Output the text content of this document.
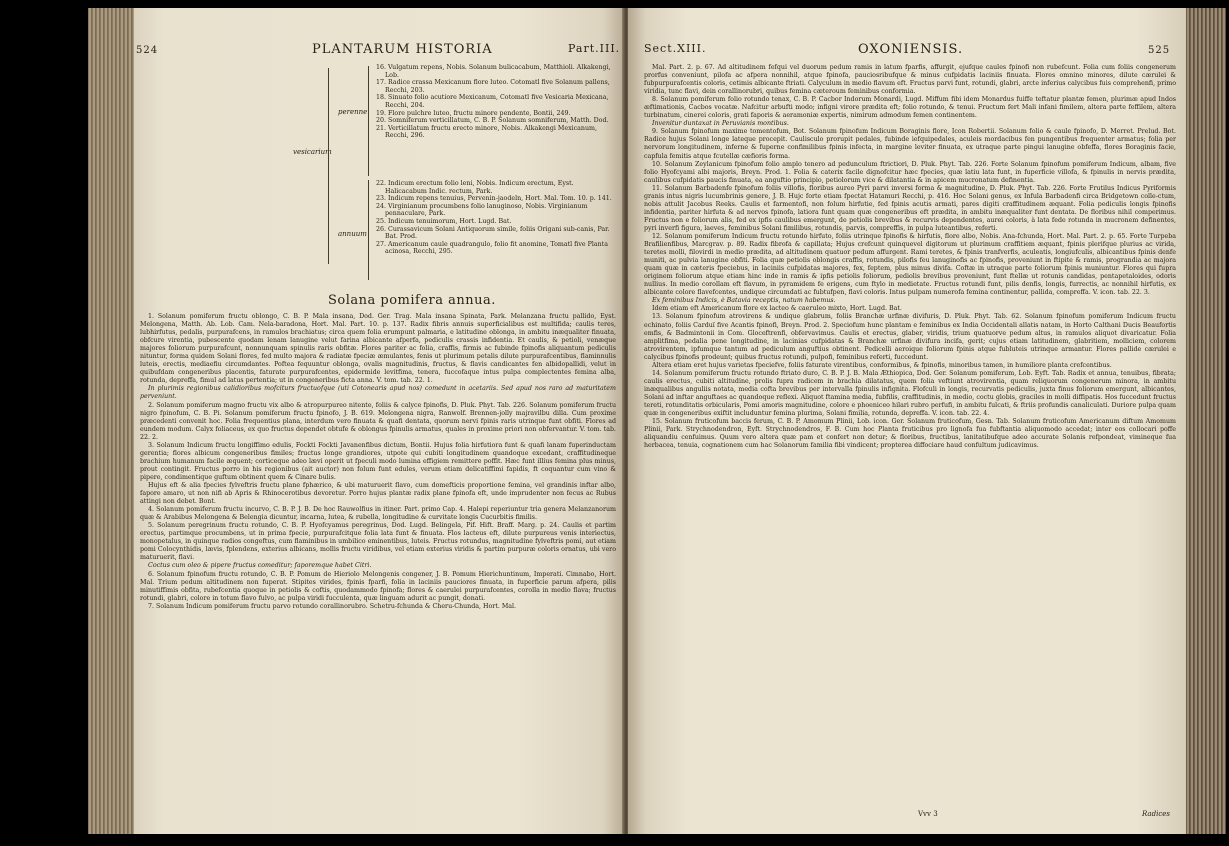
524	PLANTARUM HISTORIA	Part.III.
vesicarium
perenne
annuum
16. Vulgatum repens, Nobis. Solanum bulicacabum, Matthioli. Alkakengi, Lob.
17. Radice crassa Mexicanum flore luteo. Cotomatl five Solanum pallens, Recchi, 203.
18. Sinuato folio acutiore Mexicanum, Cotomatl five Vesicaria Mexicana, Recchi, 204.
19. Flore pulchre luteo, fructu minore pendente, Bontii, 249.
20. Somniferum verticillatum, C. B. P. Solanum somniferum, Matth. Dod.
21. Verticillatum fructu erecto minore, Nobis. Alkakengi Mexicanum, Recchi, 296.
22. Indicum erectum folio leni, Nobis. Indicum erectum, Eyst. Halicacabum Indic. rectum, Park.
23. Indicum repens tenuius, Pervenin-jaodeln, Hort. Mal. Tom. 10. p. 141.
24. Virginianum procumbens folio lanuginoso, Nobis. Virginianum pennaculare, Park.
25. Indicum tenuimorum, Hort. Lugd. Bat.
26. Curassavicum Solani Antiquorum simile, foliis Origani sub-canis, Par. Bat. Prod.
27. Americanum caule quadrangulo, folio fit anomine, Tomatl five Planta acinosa, Recchi, 295.
Solana pomifera annua.

1. Solanum pomiferum fructu oblongo, C. B. P. Mala insana, Dod. Ger. Trag. Mala insana Spinata, Park. Melanzana fructu pallido, Eyst. Melongena, Matth. Ab. Lob. Cam. Nela-baradona, Hort. Mal. Part. 10. p. 137. Radix fibris annuis superficialibus est multifida; caulis teres, lubhirfutus, pedalis, purpurafcens, in ramulos brachiatus; circa quem folia erumpunt palmaria, e latitudine oblonga, in ambitu inæqualiter finuata, obfcure virentia, pubescente quodam lenam lanugine velut farina albicante afperfa, pediculis crassis infidentia. Et caulis, & petioli, venæque majores foliorum purpurafcunt, nonnunquam spinulis raris obfitæ. Flores pariter ac folia, craffis, firmis ac fubinde fpinofis aliquantum pediculis nituntur, forma quidem Solani flores, fed multo majora & radiatæ fpeciæ æmulantes, fenis ut plurimum petalis dilute purpurafcentibus, flaminnulis luteis, erectis, mediaefiu circumdantes. Poftea fequuntur oblonga, ovalis magnitudinis, fructus, & flavis candicantes fen albidopallidi, velut in quibufdam congeneribus placentis, faturate purpurafcentes, epidermide levitfima, tenera, fuccofaque intus pulpa complectentes femina alba, rotunda, depreffa, fimul ad latus pertentia; ut in congeneribus ficta anna. V. tom. tab. 22. 1.

In plurimis regionibus calidioribus mofciturs fructuofque (uti Cotonearis apud nos) comedunt in acetariis. Sed apud nos raro ad maturitatem perveniunt.

2. Solanum pomiferum magno fructu vix albo & atropurpureo nitente, foliis & calyce fpinofis, D. Pluk. Phyt. Tab. 226. Solanum pomiferum fructu nigro fpinofum, C. B. Pi. Solanum pomiferum fructu fpinofo, J. B. 619. Melongena nigra, Ranwolf. Brennen-jolly majravilbu dilla. Cum proxime præcedenti convenit hoc. Folia frequentius plana, interdum vero finuata & quafi dentata, quorum nervi fpinis raris utrinque funt obfiti. Flores ad eundem modum. Calyx foliaceus, ex quo fructus dependet obtufe & oblongus fpinulis armatus, quales in proxime priori non obfervantur. V. tom. tab. 22. 2.

3. Solanum Indicum fructu longiffimo edulis, Fockti Fockti Javanenfibus dictum, Bontii. Hujus folia hirfutiora funt & quafi lanam fuperinductam gerentia; flores albicum congeneribus fimiles; fructus longe grandiores, utpote qui cubiti longitudinem quandoque excedant, craffitudineque brachium humanum facile æquent; corticeque adeo lævi operit ut fpeculi modo lumina effigiem remittere poffit. Hæc funt illius femina plus minus, prout contingit. Fructus porro in his regionibus (ait auctor) non folum funt edules, verum etiam delicatiffimi fapidis, ft coquantur cum vino & pipere, condimentique guftum obtinent quem & Cinare bulis.

Hujus eft & alia fpecies fylveftris fructu plane fphærico, & ubi maturuerit flavo, cum domefticis proportione femina, vel grandinis inftar albo, fapore amaro, ut non nifi ab Apris & Rhinocerotibus devoretur. Porro hujus plantæ radix plane fpinofa eft, unde imprudenter non fecus ac Rubus attingi non debet. Bont.

4. Solanum pomiferum fructu incurvo, C. B. P. J. B. De hoc Rauwolfius in itiner. Part. primo Cap. 4. Halepi reperiuntur tria genera Melanzanorum quæ & Arabibus Melongena & Belengia dicuntur, incarna, lutea, & rubella, longitudine & curvitate longis Cucurbitis fimilis.

5. Solanum peregrinum fructu rotundo, C. B. P. Hyofcyamus peregrinus, Dod. Lugd. Belingela, Pif. Hift. Braff. Marg. p. 24. Caulis et partim erectus, partimque procumbens, ut in prima fpecie, purpurafcitque folia lata funt & finuata. Flos lacteus eft, dilute purpureus venis interiectus, monopetalus, in quinque radios congeftus, cum flaminibus in umbilico eminentibus, luteis. Fructus rotundus, magnitudine fylveftris pomi, aut etiam pomi Colocynthidis, lævis, fplendens, exterius albicans, mollis fructu viridibus, vel etiam exterius viridis & partim purpuræ coloris ornatus, ubi vero maturuerit, flavi.

Coctus cum oleo & pipere fructus comeditur; faporemque habet Citri.

6. Solanum fpinofum fructu rotundo, C. B. P. Pomum de Hieriolo Melongenis congener, J. B. Pomum Hierichuntinum, Imperati. Cimnabo, Hort. Mal. Trium pedum altitudinem non fuperat. Stipites virides, fpinis fparfi, folia in laciniis pauciores finuata, in fuperficie parum afpera, pilis minutiffimis obfita, rubefcentia quoque in petiolis & coftis, quodammodo fpinofa; flores & caerulei purpurafcentes, corolla in medio flava; fructus rotundi, glabri, colore in totum flavo fulvo, ac pulpa viridi fucculenta, quæ linguam adurit ac pungit, donati.

7. Solanum Indicum pomiferum fructu parvo rotundo corallinorubro. Schetru-fchunda & Cheru-Chunda, Hort. Mal.

Sect.XIII.	OXONIENSIS.	525

Mal. Part. 2. p. 67. Ad altitudinem fefqui vel duorum pedum ramis in latum fparfis, affurgit, ejufque caules fpinofi non rubefcunt. Folia cum foliis congenerum prorfus conveniunt, pilofa ac afpera nonnihil, atque fpinofa, pauciosribufque & minus cufpidatis laciniis finuata. Flores omnino minores, dilute cærulei & fubpurpurafcentis coloris, cetimis albicante ftriati. Calyculum in medio flavum eft. Fructus parvi funt, rotundi, glabri, arcte inferius calycibus fuis comprehenfi, primo viridia, tunc flavi, dein corallinorubri, quibus femina cæteroum feminibus conformia.

8. Solanum pomiferum folio rotundo tenax, C. B. P. Cacbor Indorum Monardi, Lugd. Miffum fibi idem Monardus fuiffe teftatur plantæ femen, plurimæ apud Indos æftimationis, Cacbos vocatæ. Nafcitur arbufti modo; infigni virore prædita eft; folio rotundo, & tenui. Fructum fert Mali infani fimilem, altera parte feffilem, altera turbinatum, cinerei coloris, grati faporis & aeramoniæ expertis, nimirum admodum femen continentem.

Invenitur duntaxat in Peruvianis montibus.

9. Solanum fpinofum maxime tomentofum, Bot. Solanum fpinofum Indicum Boraginis flore, Icon Robertii. Solanum folio & caule fpinofo, D. Merret. Prelud. Bot. Radice hujus Solani longe lateque procepit. Caulisculo prorupit pedales, fubinde iefquipedales, aculeis mordacibus fen pungentibus frequenter armatus; folia per nervorum longitudinem, inferne & fuperne confimilibus fpinis infecta, in margine leviter finuata, ex utraque parte pingui lanugine obfeffa, flores Boraginis facie, capfula femitis atque fcutellæ cæfioris forma.

10. Solanum Zeylanicum fpinofum folio amplo tenero ad pedunculum ftrictiori, D. Pluk. Phyt. Tab. 226. Forte Solanum fpinofum pomiferum Indicum, albam, five folio Hyofcyami albi majoris, Breyn. Prod. 1. Folia & caterix facile dignofcitur hæc fpecies, quæ latiu lata funt, in fuperficie villofa, & fpinulis in nervis prædita, caulibus cufpidatis paucis finuata, ea anguftio principio, petiolorum vice & dilatantia & in apicem mucronatum definentia.

11. Solanum Barbadenfe fpinofum foliis villofis, floribus aureo Pyri parvi inversi forma & magnitudine, D. Pluk. Phyt. Tab. 226. Forte Frutilus Indicus Pyriformis granis intus nigris lucumbrinis genere, J. B. Hujc forte etiam fpectat Hatamuri Recchi, p. 416. Hoc Solani genus, ex Infula Barbadenfi circa Bridgetown colle-ctum, nobis attulit Jacobus Reeks. Caulis et farmentofi, non folum hirfutie, fed fpinis acutis armati, pares digiti craffitudinem æquant. Folia pediculis longis fpinofis infidentia, pariter hirfuta & ad nervos fpinofa, latiora funt quam quæ congeneribus eft prædita, in ambitu inæqualiter funt dentata. De floribus nihil comperimus. Fructus non e foliorum alis, fed ex ipfis caulibus emergunt, de petiolis brevibus & recurvis dependentes, aurei coloris, à lata fede rotunda in mucronem definentes, pyri inverfi figura, laeves, feminibus Solani fimilibus, rotundis, parvis, compreffis, in pulpa luteantibus, referti.

12. Solanum pomiferum Indicum fructu rotundo hirfuto, foliis utrinque fpinofis & hirfutis, flore albo, Nobis. Ana-fchunda, Hort. Mal. Part. 2. p. 65. Forte Turpeba Brafilienfibus, Marcgrav. p. 89. Radix fibrofa & capillata; Hujus crefcunt quinquevel digitorum ut plurimum craffitiem æquant, fpinis plerifque plurius ac virida, teretes molli, filovirdi in medio prædita, ad altitudinem quatuor pedum affurgent. Rami teretes, & fpinis tranfverfis, aculeatis, longiufculis, albicantibus fpinis denfe muniti, ac pulvia lanugine obfiti. Folia quæ petiolis oblongis craffis, rotundis, pilofis feu lanuginofis ac fpinofis, proveniunt in ftipite & ramis, prograndia ac majora quam quæ in cæteris fpeciebus, in laciniis cufpidatas majores, fex, feptem, plus minus divifa. Coftæ in utraque parte foliorum fpinis muniuntur. Flores qui fupra originem foliorum atque etiam hinc inde in ramis & ipfis petiolis foliorum, pediolis brevibus proveniunt, funt ftellæ ut rotunis candidas, pentapetaloides, odoris nullius. In medio corollam eft flavum, in pyramidem fe erigens, cum ftylo in medietate. Fructus rotundi funt, pilis denfis, longis, furrectis, ac nonnihil hirfutis, ex albicante colore flavefcentes, undique circumdati ac fubtufpen, flavi coloris. Intus pulpam numerofa femina continentur, pallida, compreffa. V. icon. tab. 22. 3.

Ex feminibus Indicis, è Batavia receptis, natum habemus.

Idem etiam eft Americanum flore ex lacteo & caeruleo mixto, Hort. Lugd. Bat.

13. Solanum fpinofum atrovirens & undique glabrum, foliis Branchæ urfinæ divifuris, D. Pluk. Phyt. Tab. 62. Solanum fpinofum pomiferum Indicum fructu echinato, foliis Carduï five Acantis fpinofi, Breyn. Prod. 2. Speciofum hunc plantam e feminibus ex India Occidentali allatis natam, in Horto Calthani Ducis Beaufortis emfis, & Badmintonii in Com. Gloceftrenfi, obfervavimus. Caulis et erectus, glaber, viridis, trium quatuorve pedum altus, in ramulos aliquot divaricatur. Folia amplitfima, pedalia pene longitudine, in lacinias cufpidatas & Branchæ urfinæ divifura incifa, gerit; cujus etiam latitudinem, glabritiem, molliciem, colorem atrovirentem, ipfumque tantum ad pediculum anguftius obtinent. Pedicelli aeroique foliorum fpinis atque fubluteis utrinque armantur. Flores pallide cærulei e calycibus fpinofis prodeunt; quibus fructus rotundi, pulpofi, feminibus referti, fuccedunt.

Altera etiam eret hujus varietas fpeciefve, foliis faturate virentibus, conformibus, & fpinofis, minoribus tamen, in humiliore planta crefcentibus.

14. Solanum pomiferum fructu rotundo ftriato duro, C. B. P. J. B. Mala Æthiopica, Dod. Ger. Solanum pomiferum, Lob. Eyft. Tab. Radix et annua, tenuibus, fibrata; caulis erectus, cubiti altitudine, prolis fupra radicem in brachia dilatatus, quem folia veftiunt atrovirentia, quam reliquorum congenerum minora, in ambitu inæqualibus anguliis notata, media cofta brevibus per intervalla fpinulis infignita. Flofculi in longis, recurvatis pediculis, juxta finus foliorum emergunt, albicantes, Solani ad inftar anguftaes ac quandoque reflexi. Aliquot ftamina media, fubfilis, craffitudinis, in medio, coctu globis, graciles in molli diffipatis. Hos fuccedunt fructus tereti, rotunditatis orbicularis, Pomi amoris magnitudine, colore e phoeniceo hilari rubro perfufi, in ambitu fulcati, & ftriis profundis canaliculati. Duriore pulpa quam quæ in congeneribus exiftit includuntur femina plurima, Solani fimilia, rotunda, depreffa. V. icon. tab. 22. 4.

15. Solanum fruticofum baccis ferum, C. B. P. Amomum Plinii, Lob. icon. Ger. Solanum fruticofum, Gesn. Tab. Solanum fruticofum Americanum diftum Amomum Plinii, Park. Strychnodendron, Eyft. Strychnodendros, F. B. Cum hoc Planta fruticibus pro lignofa fua fubftantia aliquomodo accedat; inter eos collocari poffe aliquandiu cenfuimus. Quum vero altera quæ pam et confert non detur; & floribus, fructibus, lanitatibufque adeo accurate Solanis refpondeat, vimineque fua herbacea, tenuia, cognationem cum hac Solanorum familia fibi vindicent; propterea diffociare haud confultum judicavimus.

Vvv 3	Radices
